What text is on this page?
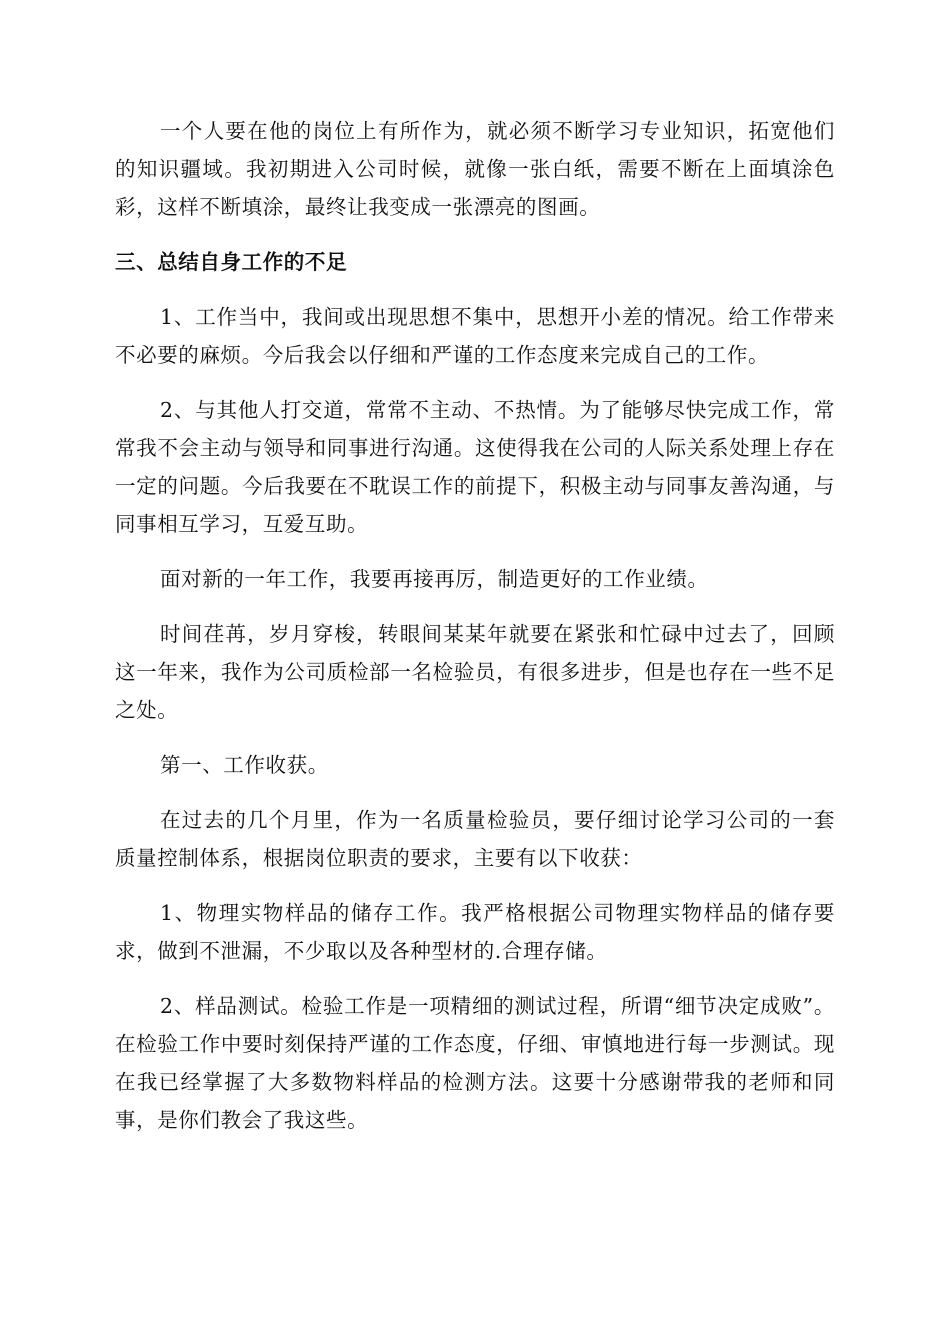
一个人要在他的岗位上有所作为，就必须不断学习专业知识，拓宽他们的知识疆域。我初期进入公司时候，就像一张白纸，需要不断在上面填涂色彩，这样不断填涂，最终让我变成一张漂亮的图画。

三、总结自身工作的不足

1、工作当中，我间或出现思想不集中，思想开小差的情况。给工作带来不必要的麻烦。今后我会以仔细和严谨的工作态度来完成自己的工作。

2、与其他人打交道，常常不主动、不热情。为了能够尽快完成工作，常常我不会主动与领导和同事进行沟通。这使得我在公司的人际关系处理上存在一定的问题。今后我要在不耽误工作的前提下，积极主动与同事友善沟通，与同事相互学习，互爱互助。

面对新的一年工作，我要再接再厉，制造更好的工作业绩。

时间荏苒，岁月穿梭，转眼间某某年就要在紧张和忙碌中过去了，回顾这一年来，我作为公司质检部一名检验员，有很多进步，但是也存在一些不足之处。

第一、工作收获。

在过去的几个月里，作为一名质量检验员，要仔细讨论学习公司的一套质量控制体系，根据岗位职责的要求，主要有以下收获：

1、物理实物样品的储存工作。我严格根据公司物理实物样品的储存要求，做到不泄漏，不少取以及各种型材的.合理存储。

2、样品测试。检验工作是一项精细的测试过程，所谓“细节决定成败”。在检验工作中要时刻保持严谨的工作态度，仔细、审慎地进行每一步测试。现在我已经掌握了大多数物料样品的检测方法。这要十分感谢带我的老师和同事，是你们教会了我这些。
